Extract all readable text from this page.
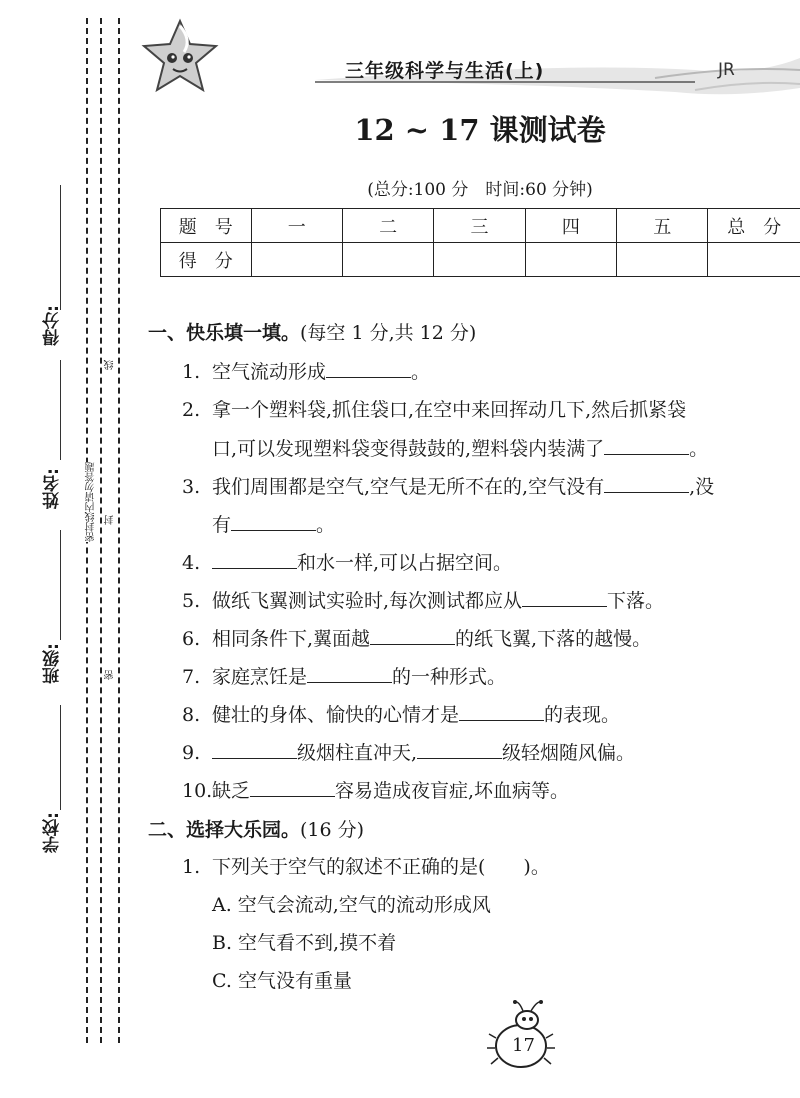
得分:
姓名:
班级:
学校:
线
密封线内请勿答题 封
密
三年级科学与生活(上)	JR
12 ~ 17 课测试卷
(总分:100 分　时间:60 分钟)
题　号	一	二	三	四	五	总　分
得　分						
一、快乐填一填。(每空 1 分,共 12 分)
1. 空气流动形成	。
2. 拿一个塑料袋,抓住袋口,在空中来回挥动几下,然后抓紧袋
口,可以发现塑料袋变得鼓鼓的,塑料袋内装满了	。
3. 我们周围都是空气,空气是无所不在的,空气没有	,没
有	。
4.	和水一样,可以占据空间。
5. 做纸飞翼测试实验时,每次测试都应从	下落。
6. 相同条件下,翼面越	的纸飞翼,下落的越慢。
7. 家庭烹饪是	的一种形式。
8. 健壮的身体、愉快的心情才是	的表现。
9.	级烟柱直冲天,	级轻烟随风偏。
10.缺乏	容易造成夜盲症,坏血病等。
二、选择大乐园。(16 分)
1. 下列关于空气的叙述不正确的是(　　)。
A. 空气会流动,空气的流动形成风
B. 空气看不到,摸不着
C. 空气没有重量
17
